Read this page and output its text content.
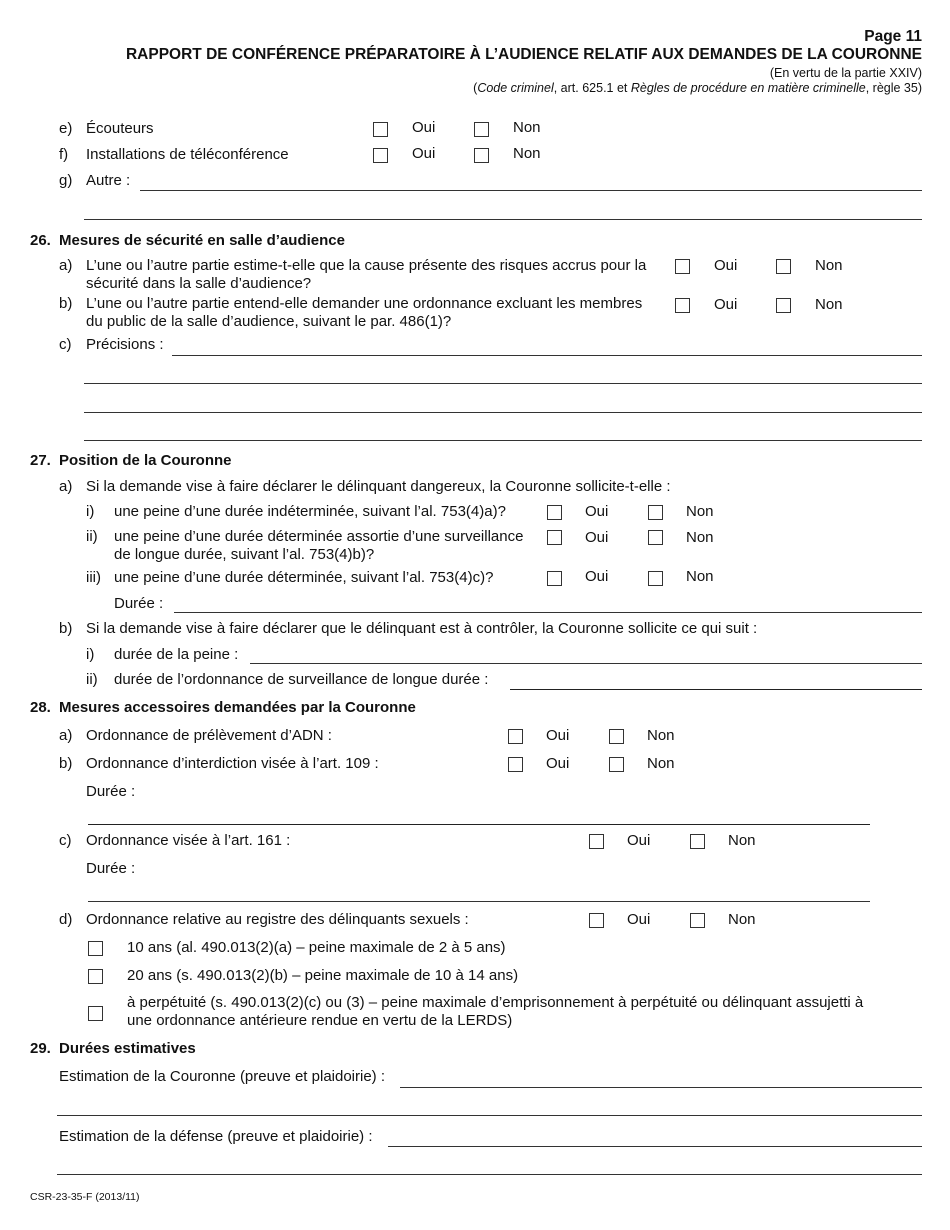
Page 11
RAPPORT DE CONFÉRENCE PRÉPARATOIRE À L’AUDIENCE RELATIF AUX DEMANDES DE LA COURONNE
(En vertu de la partie XXIV)
(Code criminel, art. 625.1 et Règles de procédure en matière criminelle, règle 35)
e) Écouteurs	Oui	Non
f) Installations de téléconférence	Oui	Non
g) Autre :
26. Mesures de sécurité en salle d’audience
a) L’une ou l’autre partie estime-t-elle que la cause présente des risques accrus pour la
sécurité dans la salle d’audience?
Oui	Non
b) L’une ou l’autre partie entend-elle demander une ordonnance excluant les membres
du public de la salle d’audience, suivant le par. 486(1)?
Oui	Non
c) Précisions :
27. Position de la Couronne
a) Si la demande vise à faire déclarer le délinquant dangereux, la Couronne sollicite-t-elle :
i) une peine d’une durée indéterminée, suivant l’al. 753(4)a)?	Oui	Non
ii) une peine d’une durée déterminée assortie d’une surveillance
de longue durée, suivant l’al. 753(4)b)?
Oui	Non
iii) une peine d’une durée déterminée, suivant l’al. 753(4)c)?	Oui	Non
Durée :
b) Si la demande vise à faire déclarer que le délinquant est à contrôler, la Couronne sollicite ce qui suit :
i) durée de la peine :
ii) durée de l’ordonnance de surveillance de longue durée :
28. Mesures accessoires demandées par la Couronne
a) Ordonnance de prélèvement d’ADN :	Oui	Non
b) Ordonnance d’interdiction visée à l’art. 109 :	Oui	Non
Durée :
c) Ordonnance visée à l’art. 161 :	Oui	Non
Durée :
d) Ordonnance relative au registre des délinquants sexuels :	Oui	Non
10 ans (al. 490.013(2)(a) – peine maximale de 2 à 5 ans)
20 ans (s. 490.013(2)(b) – peine maximale de 10 à 14 ans)
à perpétuité (s. 490.013(2)(c) ou (3) – peine maximale d’emprisonnement à perpétuité ou délinquant assujetti à
une ordonnance antérieure rendue en vertu de la LERDS)
29. Durées estimatives
Estimation de la Couronne (preuve et plaidoirie) :
Estimation de la défense (preuve et plaidoirie) :
CSR-23-35-F (2013/11)
